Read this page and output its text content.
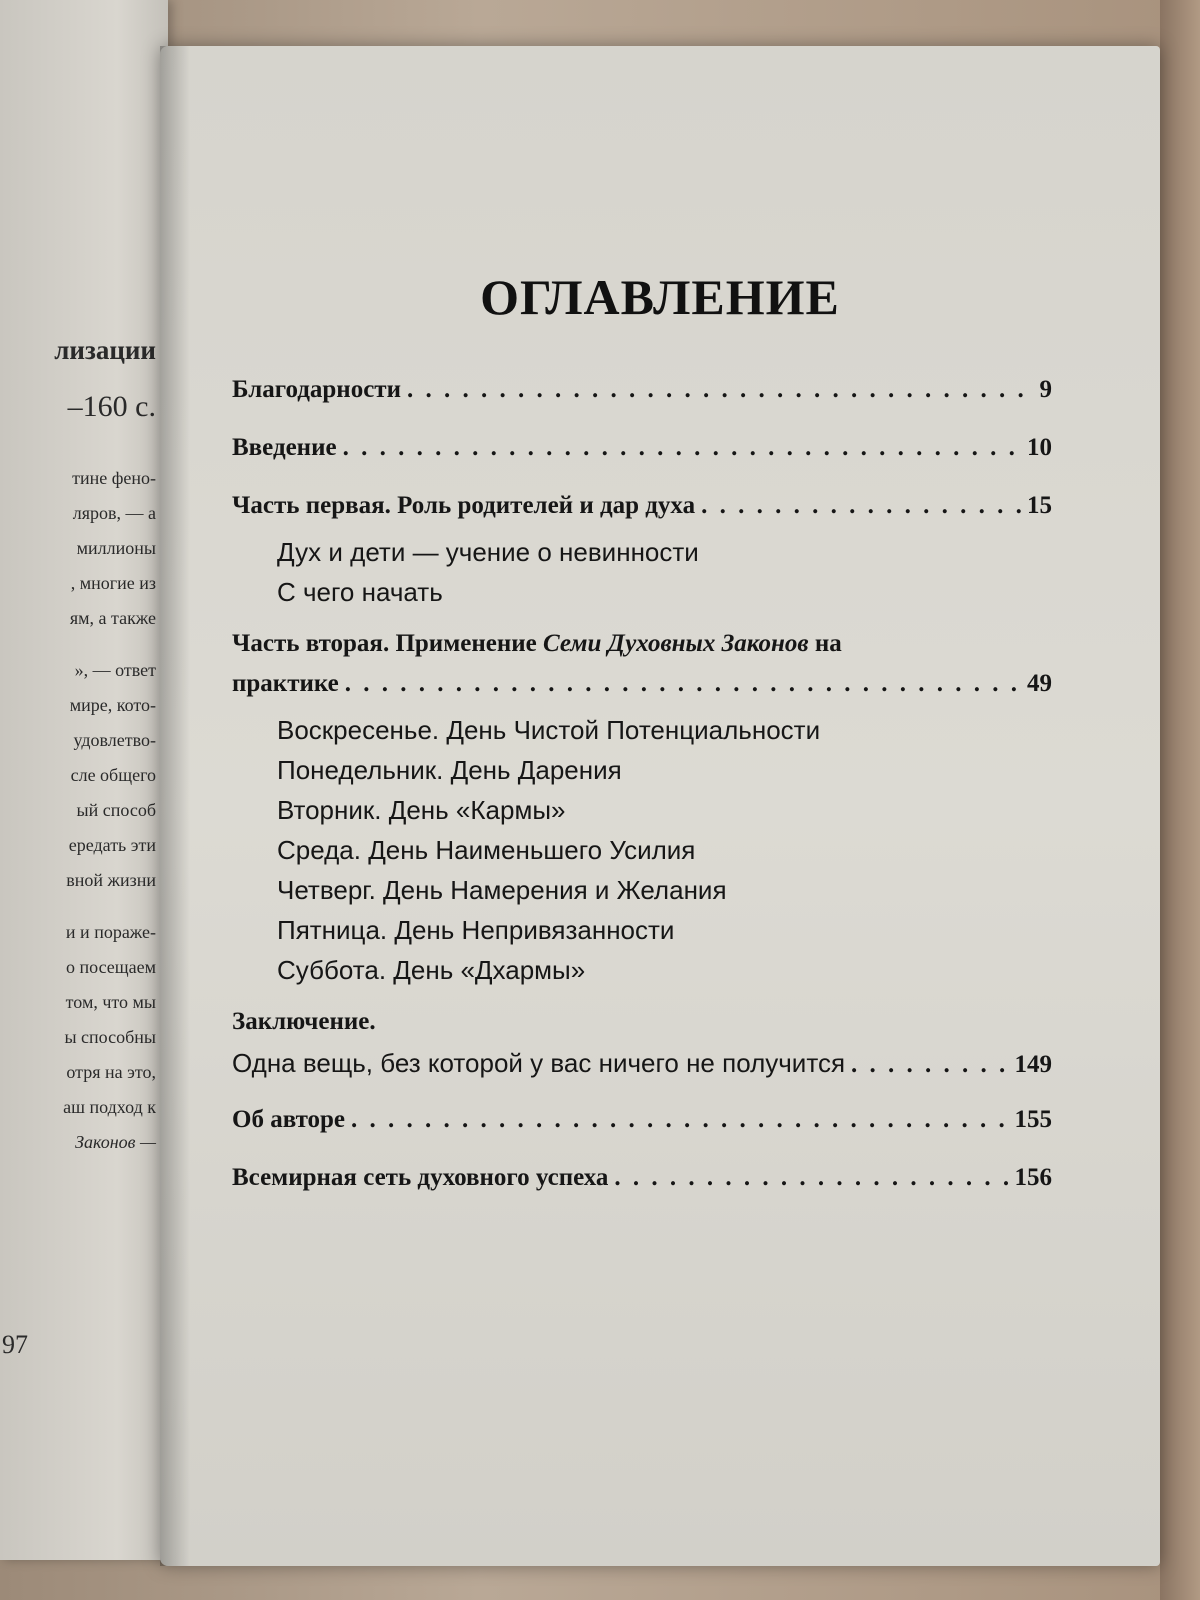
лизации
–160 с.
тине фено-
ляров, — а
миллионы
, многие из
ям, а также
», — ответ
мире, кото-
удовлетво-
сле общего
ый способ
ередать эти
вной жизни
и и пораже-
о посещаем
том, что мы
ы способны
отря на это,
аш подход к
Законов —
97
ОГЛАВЛЕНИЕ
Благодарности . . .	9
Введение . . .	10
Часть первая. Роль родителей и дар духа . . .	15
Дух и дети — учение о невинности
С чего начать
Часть вторая. Применение Семи Духовных Законов на
практике . . .	49
Воскресенье. День Чистой Потенциальности
Понедельник. День Дарения
Вторник. День «Кармы»
Среда. День Наименьшего Усилия
Четверг. День Намерения и Желания
Пятница. День Непривязанности
Суббота. День «Дхармы»
Заключение.
Одна вещь, без которой у вас ничего не получится . . .	149
Об авторе . . .	155
Всемирная сеть духовного успеха . . .	156
